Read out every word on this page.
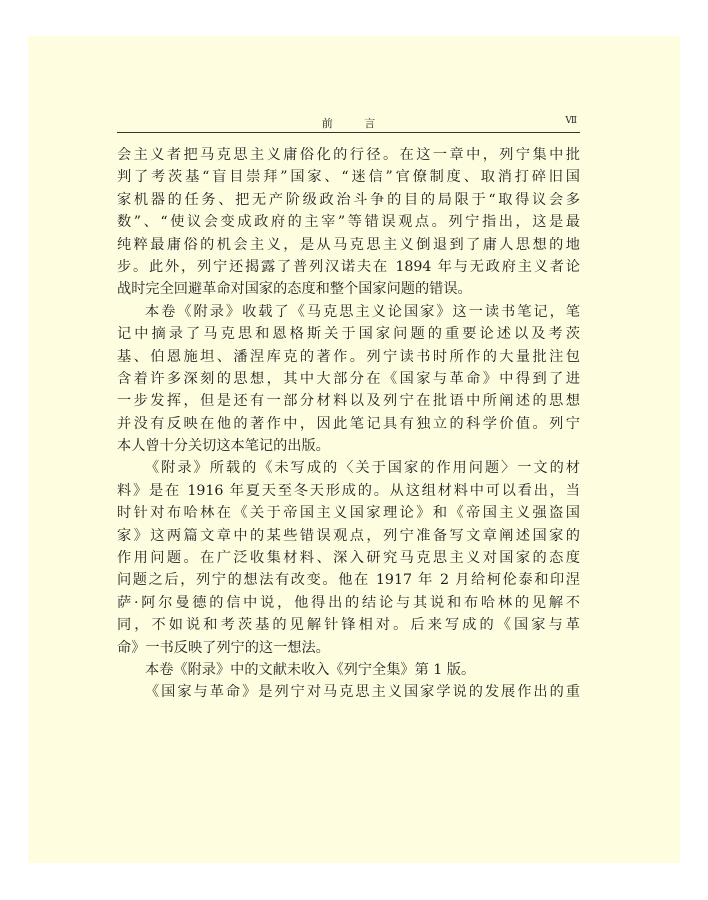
前 言	Ⅶ
会主义者把马克思主义庸俗化的行径。在这一章中，列宁集中批
判了考茨基“盲目崇拜”国家、“迷信”官僚制度、取消打碎旧国
家机器的任务、把无产阶级政治斗争的目的局限于“取得议会多
数”、“使议会变成政府的主宰”等错误观点。列宁指出，这是最
纯粹最庸俗的机会主义，是从马克思主义倒退到了庸人思想的地
步。此外，列宁还揭露了普列汉诺夫在 1894 年与无政府主义者论
战时完全回避革命对国家的态度和整个国家问题的错误。
本卷《附录》收载了《马克思主义论国家》这一读书笔记，笔
记中摘录了马克思和恩格斯关于国家问题的重要论述以及考茨
基、伯恩施坦、潘涅库克的著作。列宁读书时所作的大量批注包
含着许多深刻的思想，其中大部分在《国家与革命》中得到了进
一步发挥，但是还有一部分材料以及列宁在批语中所阐述的思想
并没有反映在他的著作中，因此笔记具有独立的科学价值。列宁
本人曾十分关切这本笔记的出版。
《附录》所载的《未写成的〈关于国家的作用问题〉一文的材
料》是在 1916 年夏天至冬天形成的。从这组材料中可以看出，当
时针对布哈林在《关于帝国主义国家理论》和《帝国主义强盗国
家》这两篇文章中的某些错误观点，列宁准备写文章阐述国家的
作用问题。在广泛收集材料、深入研究马克思主义对国家的态度
问题之后，列宁的想法有改变。他在 1917 年 2 月给柯伦泰和印涅
萨·阿尔曼德的信中说，他得出的结论与其说和布哈林的见解不
同，不如说和考茨基的见解针锋相对。后来写成的《国家与革
命》一书反映了列宁的这一想法。
本卷《附录》中的文献未收入《列宁全集》第 1 版。
《国家与革命》是列宁对马克思主义国家学说的发展作出的重
